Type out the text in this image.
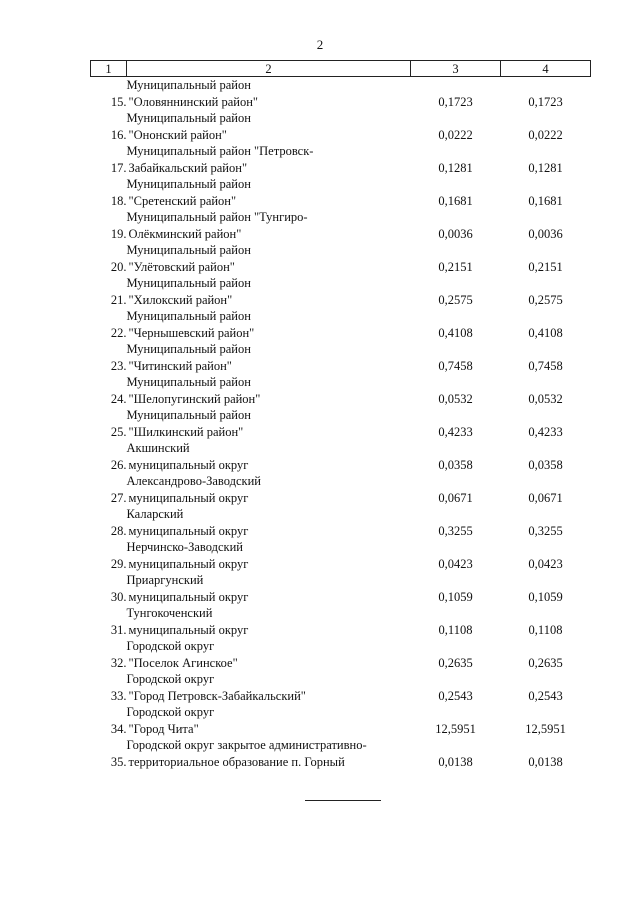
2
1	2	3	4
15.	Муниципальный район
"Оловяннинский район"	0,1723	0,1723
16.	Муниципальный район
"Ононский район"	0,0222	0,0222
17.	Муниципальный район "Петровск-
Забайкальский район"	0,1281	0,1281
18.	Муниципальный район
"Сретенский район"	0,1681	0,1681
19.	Муниципальный район "Тунгиро-
Олёкминский район"	0,0036	0,0036
20.	Муниципальный район
"Улётовский район"	0,2151	0,2151
21.	Муниципальный район
"Хилокский район"	0,2575	0,2575
22.	Муниципальный район
"Чернышевский район"	0,4108	0,4108
23.	Муниципальный район
"Читинский район"	0,7458	0,7458
24.	Муниципальный район
"Шелопугинский район"	0,0532	0,0532
25.	Муниципальный район
"Шилкинский район"	0,4233	0,4233
26.	Акшинский
муниципальный округ	0,0358	0,0358
27.	Александрово-Заводский
муниципальный округ	0,0671	0,0671
28.	Каларский
муниципальный округ	0,3255	0,3255
29.	Нерчинско-Заводский
муниципальный округ	0,0423	0,0423
30.	Приаргунский
муниципальный округ	0,1059	0,1059
31.	Тунгокоченский
муниципальный округ	0,1108	0,1108
32.	Городской округ
"Поселок Агинское"	0,2635	0,2635
33.	Городской округ
"Город Петровск-Забайкальский"	0,2543	0,2543
34.	Городской округ
"Город Чита"	12,5951	12,5951
35.	Городской округ закрытое административно-
территориальное образование п. Горный	0,0138	0,0138
